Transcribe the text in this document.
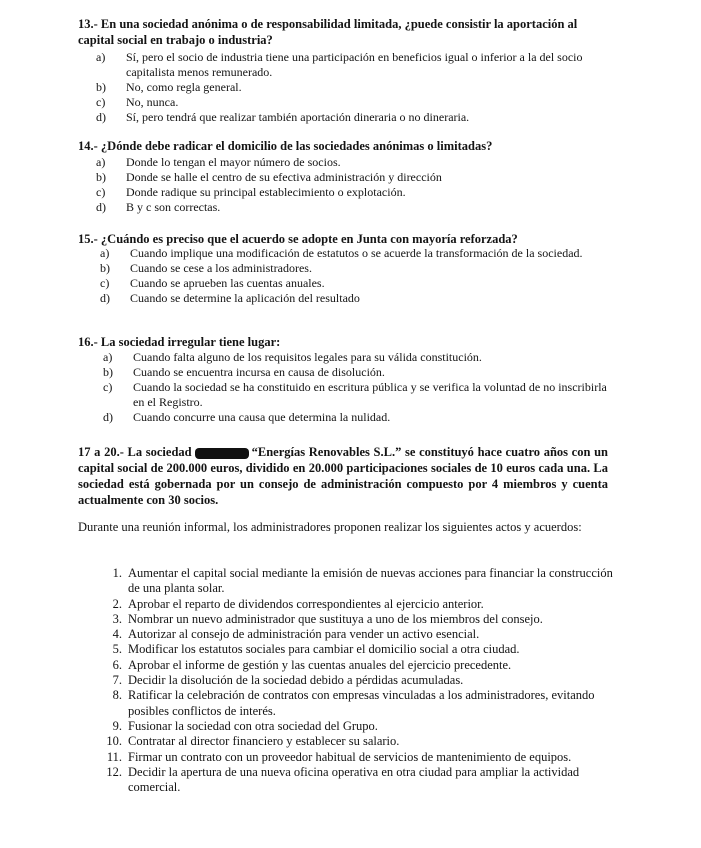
13.- En una sociedad anónima o de responsabilidad limitada, ¿puede consistir la aportación al capital social en trabajo o industria?

a)	Sí, pero el socio de industria tiene una participación en beneficios igual o inferior a la del socio capitalista menos remunerado.
b)	No, como regla general.
c)	No, nunca.
d)	Sí, pero tendrá que realizar también aportación dineraria o no dineraria.

14.- ¿Dónde debe radicar el domicilio de las sociedades anónimas o limitadas?

a)	Donde lo tengan el mayor número de socios.
b)	Donde se halle el centro de su efectiva administración y dirección
c)	Donde radique su principal establecimiento o explotación.
d)	B y c son correctas.

15.- ¿Cuándo es preciso que el acuerdo se adopte en Junta con mayoría reforzada?

a)	Cuando implique una modificación de estatutos o se acuerde la transformación de la sociedad.
b)	Cuando se cese a los administradores.
c)	Cuando se aprueben las cuentas anuales.
d)	Cuando se determine la aplicación del resultado

16.- La sociedad irregular tiene lugar:

a)	Cuando falta alguno de los requisitos legales para su válida constitución.
b)	Cuando se encuentra incursa en causa de disolución.
c)	Cuando la sociedad se ha constituido en escritura pública y se verifica la voluntad de no inscribirla en el Registro.
d)	Cuando concurre una causa que determina la nulidad.

17 a 20.- La sociedad	“Energías Renovables S.L.” se constituyó hace cuatro años con un capital social de 200.000 euros, dividido en 20.000 participaciones sociales de 10 euros cada una. La sociedad está gobernada por un consejo de administración compuesto por 4 miembros y cuenta actualmente con 30 socios.

Durante una reunión informal, los administradores proponen realizar los siguientes actos y acuerdos:

1. Aumentar el capital social mediante la emisión de nuevas acciones para financiar la construcción de una planta solar.
2. Aprobar el reparto de dividendos correspondientes al ejercicio anterior.
3. Nombrar un nuevo administrador que sustituya a uno de los miembros del consejo.
4. Autorizar al consejo de administración para vender un activo esencial.
5. Modificar los estatutos sociales para cambiar el domicilio social a otra ciudad.
6. Aprobar el informe de gestión y las cuentas anuales del ejercicio precedente.
7. Decidir la disolución de la sociedad debido a pérdidas acumuladas.
8. Ratificar la celebración de contratos con empresas vinculadas a los administradores, evitando posibles conflictos de interés.
9. Fusionar la sociedad con otra sociedad del Grupo.
10. Contratar al director financiero y establecer su salario.
11. Firmar un contrato con un proveedor habitual de servicios de mantenimiento de equipos.
12. Decidir la apertura de una nueva oficina operativa en otra ciudad para ampliar la actividad comercial.
